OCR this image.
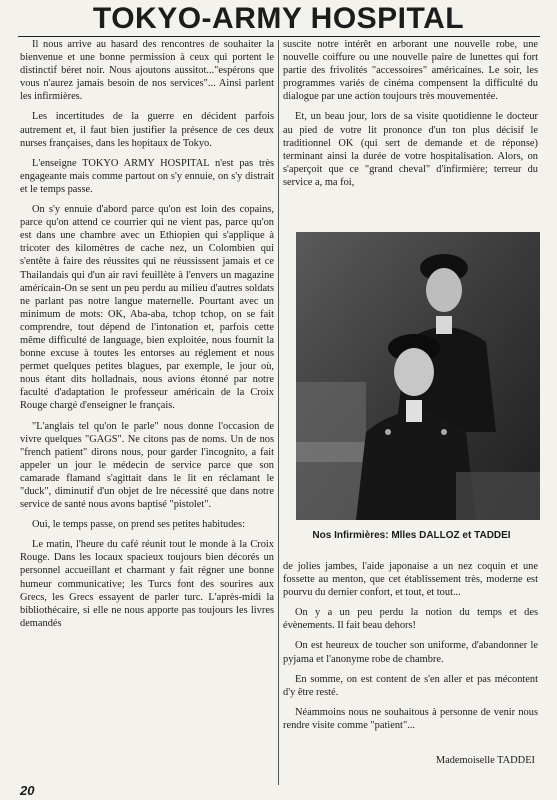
TOKYO-ARMY HOSPITAL

Il nous arrive au hasard des rencontres de souhaiter la bienvenue et une bonne permission à ceux qui portent le distinctif béret noir. Nous ajoutons aussitot..."espérons que vous n'aurez jamais besoin de nos services"... Ainsi parlent les infirmières.

Les incertitudes de la guerre en décident parfois autrement et, il faut bien justifier la présence de ces deux nurses françaises, dans les hopitaux de Tokyo.

L'enseigne TOKYO ARMY HOSPITAL n'est pas très engageante mais comme partout on s'y ennuie, on s'y distrait et le temps passe.

On s'y ennuie d'abord parce qu'on est loin des copains, parce qu'on attend ce courrier qui ne vient pas, parce qu'on est dans une chambre avec un Ethiopien qui s'applique à tricoter des kilomètres de cache nez, un Colombien qui s'entête à faire des réussites qui ne réussissent jamais et ce Thailandais qui d'un air ravi feuillète à l'envers un magazine américain-On se sent un peu perdu au milieu d'autres soldats ne parlant pas notre langue maternelle. Pourtant avec un minimum de mots: OK, Aba-aba, tchop tchop, on se fait comprendre, tout dépend de l'intonation et, parfois cette même difficulté de language, bien exploitée, nous fournit la bonne excuse à toutes les entorses au réglement et nous permet quelques petites blagues, par exemple, le jour où, nous étant dits holladnais, nous avions étonné par notre faculté d'adaptation le professeur américain de la Croix Rouge chargé d'enseigner le français.

"L'anglais tel qu'on le parle" nous donne l'occasion de vivre quelques "GAGS". Ne citons pas de noms. Un de nos "french patient" dirons nous, pour garder l'incognito, a fait appeler un jour le médecin de service parce que son camarade flamand s'agittait dans le lit en réclamant le "duck", diminutif d'un objet de lre nécessité que dans notre service de santé nous avons baptisé "pistolet".

Oui, le temps passe, on prend ses petites habitudes:

Le matin, l'heure du café réunit tout le monde à la Croix Rouge. Dans les locaux spacieux toujours bien décorés un personnel accueillant et charmant y fait régner une bonne humeur communicative; les Turcs font des sourires aux Grecs, les Grecs essayent de parler turc. L'après-midi la bibliothécaire, si elle ne nous apporte pas toujours les livres demandés

suscite notre intérêt en arborant une nouvelle robe, une nouvelle coiffure ou une nouvelle paire de lunettes qui fort partie des frivolités "accessoires" américaines. Le soir, les programmes variés de cinéma compensent la difficulté du dialogue par une action toujours très mouvementée.

Et, un beau jour, lors de sa visite quotidienne le docteur au pied de votre lit prononce d'un ton plus décisif le traditionnel OK (qui sert de demande et de réponse) terminant ainsi la durée de votre hospitalisation. Alors, on s'aperçoit que ce "grand cheval" d'infirmière; terreur du service a, ma foi,

Nos Infirmières: Mlles DALLOZ et TADDEI

de jolies jambes, l'aide japonaise a un nez coquin et une fossette au menton, que cet établissement très, moderne est pourvu du dernier confort, et tout, et tout...

On y a un peu perdu la notion du temps et des évènements. Il fait beau dehors!

On est heureux de toucher son uniforme, d'abandonner le pyjama et l'anonyme robe de chambre.

En somme, on est content de s'en aller et pas mécontent d'y être resté.

Néammoins nous ne souhaitous à personne de venir nous rendre visite comme "patient"...

Mademoiselle TADDEI
20
